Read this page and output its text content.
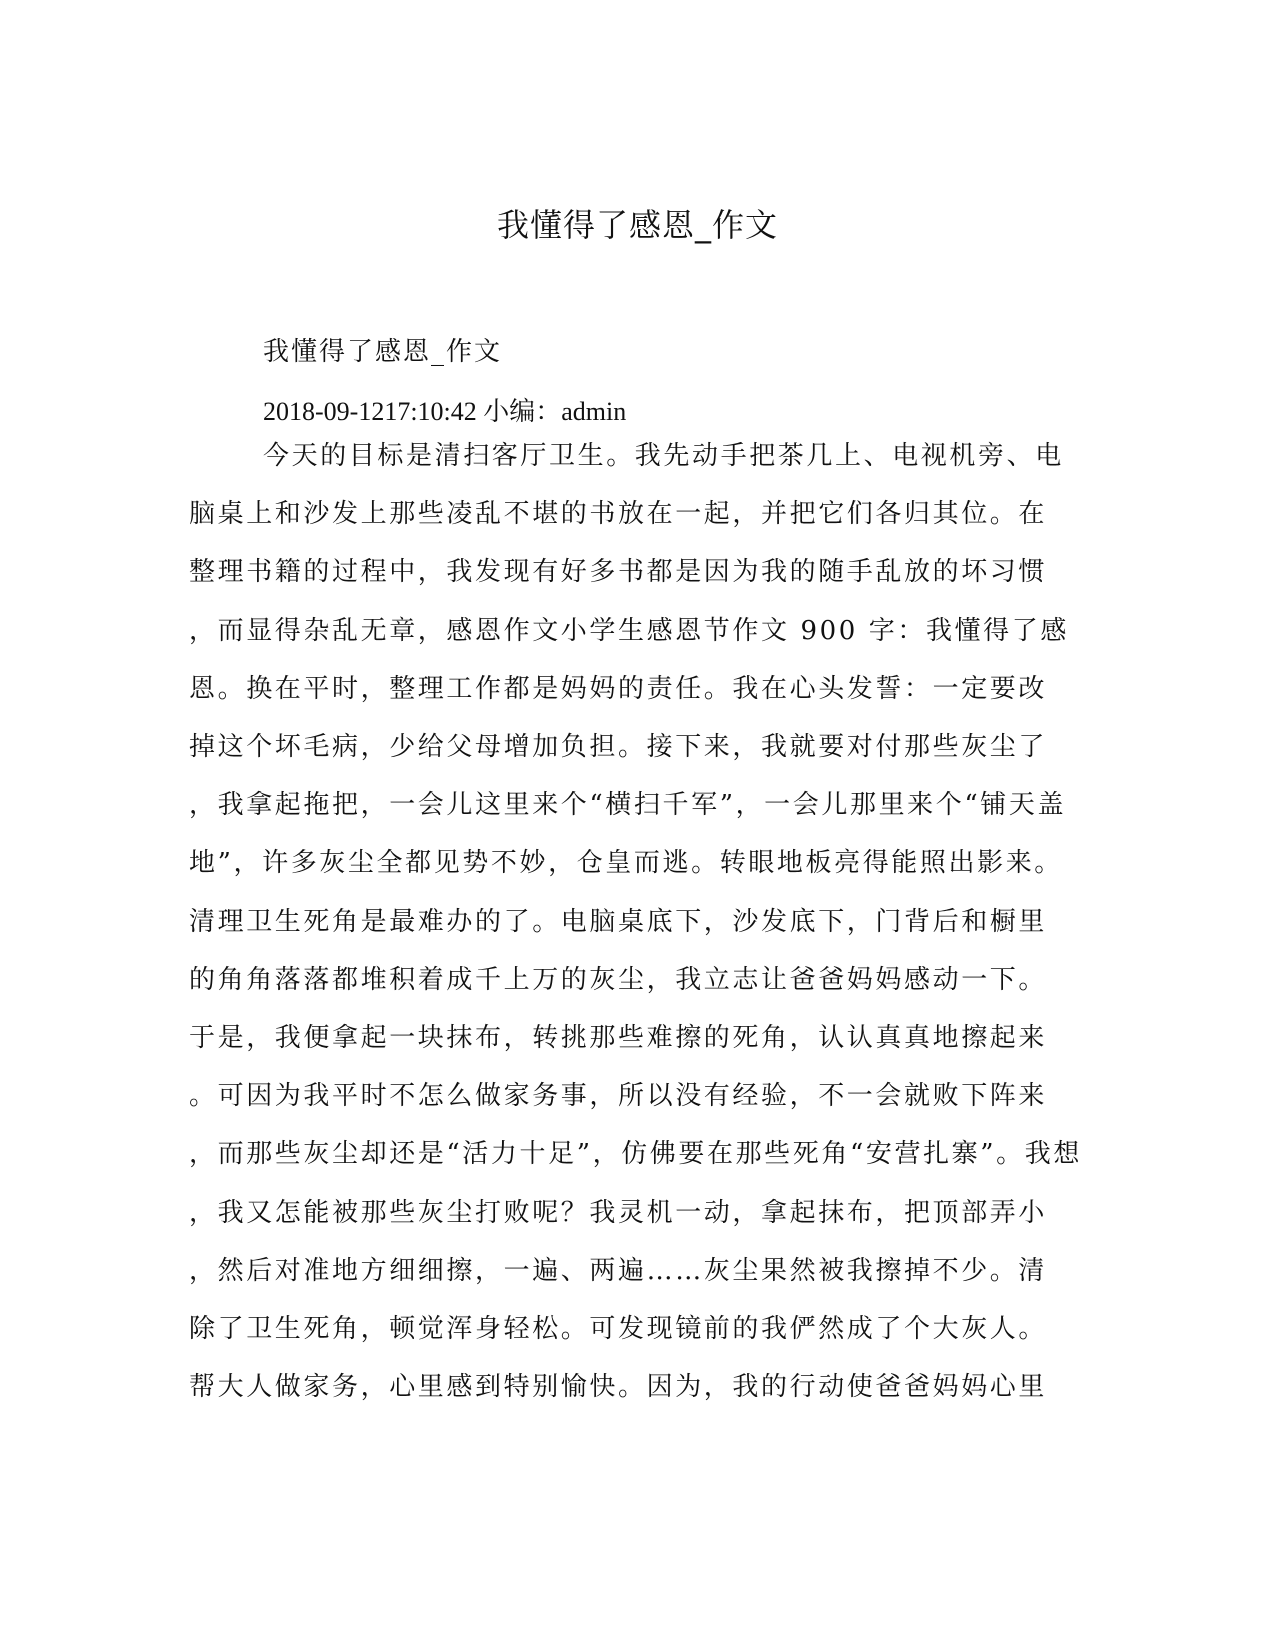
我懂得了感恩_作文
我懂得了感恩_作文
2018-09-1217:10:42 小编：admin
今天的目标是清扫客厅卫生。我先动手把茶几上、电视机旁、电
脑桌上和沙发上那些凌乱不堪的书放在一起，并把它们各归其位。在
整理书籍的过程中，我发现有好多书都是因为我的随手乱放的坏习惯
，而显得杂乱无章，感恩作文小学生感恩节作文 900 字：我懂得了感
恩。换在平时，整理工作都是妈妈的责任。我在心头发誓：一定要改
掉这个坏毛病，少给父母增加负担。接下来，我就要对付那些灰尘了
，我拿起拖把，一会儿这里来个“横扫千军”，一会儿那里来个“铺天盖
地”，许多灰尘全都见势不妙，仓皇而逃。转眼地板亮得能照出影来。
清理卫生死角是最难办的了。电脑桌底下，沙发底下，门背后和橱里
的角角落落都堆积着成千上万的灰尘，我立志让爸爸妈妈感动一下。
于是，我便拿起一块抹布，转挑那些难擦的死角，认认真真地擦起来
。可因为我平时不怎么做家务事，所以没有经验，不一会就败下阵来
，而那些灰尘却还是“活力十足”，仿佛要在那些死角“安营扎寨”。我想
，我又怎能被那些灰尘打败呢？我灵机一动，拿起抹布，把顶部弄小
，然后对准地方细细擦，一遍、两遍……灰尘果然被我擦掉不少。清
除了卫生死角，顿觉浑身轻松。可发现镜前的我俨然成了个大灰人。
帮大人做家务，心里感到特别愉快。因为，我的行动使爸爸妈妈心里
